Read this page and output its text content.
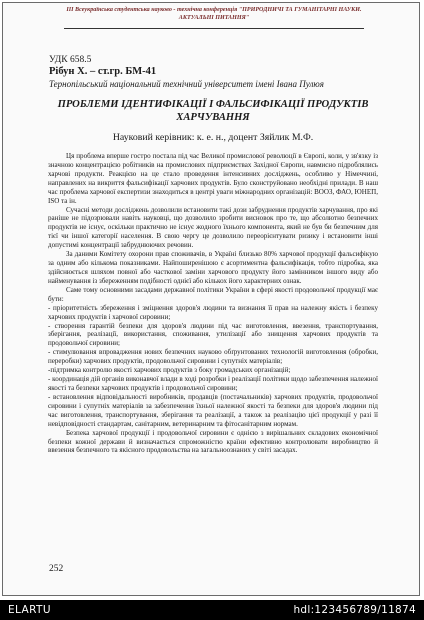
ІІІ Всеукраїнська студентська науково - технічна конференція "ПРИРОДНИЧІ ТА ГУМАНІТАРНІ НАУКИ.
АКТУАЛЬНІ ПИТАННЯ"
УДК 658.5
Рібун Х. – ст.гр. БМ-41
Тернопільський національний технічний університет імені Івана Пулюя
ПРОБЛЕМИ ІДЕНТИФІКАЦІЇ І ФАЛЬСИФІКАЦІЇ ПРОДУКТІВ
ХАРЧУВАННЯ
Науковий керівник: к. е. н., доцент Зяйлик М.Ф.

Ця проблема вперше гостро постала під час Великої промислової революції в Європі, коли, у зв'язку із значною концентрацією робітників на промислових підприємствах Західної Європи, навмисно підроблялись харчові продукти. Реакцією на це стало проведення інтенсивних досліджень, особливо у Німеччині, направлених на викриття фальсифікації харчових продуктів. Було сконструйовано необхідні прилади. В наш час проблема харчової експертизи знаходиться в центрі уваги міжнародних організацій: ВООЗ, ФАО, ЮНЕП, ISO та ін.

Сучасні методи досліджень дозволили встановити такі дози забруднення продуктів харчування, про які раніше не підозрювали навіть науковці, що дозволило зробити висновок про те, що абсолютно безпечних продуктів не існує, оскільки практично не існує жодного їхнього компонента, який не був би безпечним для тієї чи іншої категорії населення. В свою чергу це дозволило переорієнтувати ризику і встановити інші допустимі концентрації забруднюючих речовин.

За даними Комітету охорони прав споживачів, в Україні близько 80% харчової продукції фальсифікую за одним або кількома показниками. Найпоширенішою є асортиментна фальсифікація, тобто підробка, яка здійснюється шляхом повної або часткової заміни харчового продукту його замінником іншого виду або найменування із збереженням подібності однієї або кількох його характерних ознак.

Саме тому основними засадами державної політики України в сфері якості продовольчої продукції має бути:

- пріоритетність збереження і зміцнення здоров'я людини та визнання її прав на належну якість і безпеку харчових продуктів і харчової сировини;

- створення гарантій безпеки для здоров'я людини під час виготовлення, ввезення, транспортування, зберігання, реалізації, використання, споживання, утилізації або знищення харчових продуктів та продовольчої сировини;

- стимулювання впровадження нових безпечних науково обґрунтованих технологій виготовлення (обробки, переробки) харчових продуктів, продовольчої сировини і супутніх матеріалів;

-підтримка контролю якості харчових продуктів з боку громадських організацій;

- координація дій органів виконавчої влади в ході розробки і реалізації політики щодо забезпечення належної якості та безпеки харчових продуктів і продовольчої сировини;

- встановлення відповідальності виробників, продавців (постачальників) харчових продуктів, продовольчої сировини і супутніх матеріалів за забезпечення їхньої належної якості та безпеки для здоров'я людини під час виготовлення, транспортування, зберігання та реалізації, а також за реалізацію цієї продукції у разі її невідповідності стандартам, санітарним, ветеринарним та фітосанітарним нормам.

Безпека харчової продукції і продовольчої сировини є однією з вирішальних складових економічної безпеки кожної держави й визначається спроможністю країни ефективно контролювати виробництво й ввезення безпечного та якісного продовольства на загальноознаних у світі засадах.

252
ELARTU	hdl:123456789/11874
